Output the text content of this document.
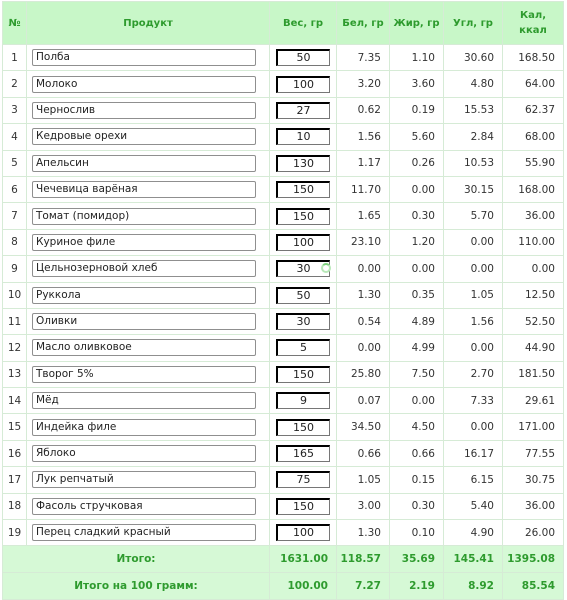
№	Продукт	Вес, гр	Бел, гр	Жир, гр	Угл, гр	Кал,
ккал
1	Полба	50	7.35	1.10	30.60	168.50
2	Молоко	100	3.20	3.60	4.80	64.00
3	Чернослив	27	0.62	0.19	15.53	62.37
4	Кедровые орехи	10	1.56	5.60	2.84	68.00
5	Апельсин	130	1.17	0.26	10.53	55.90
6	Чечевица варёная	150	11.70	0.00	30.15	168.00
7	Томат (помидор)	150	1.65	0.30	5.70	36.00
8	Куриное филе	100	23.10	1.20	0.00	110.00
9	Цельнозерновой хлеб	30	0.00	0.00	0.00	0.00
10	Руккола	50	1.30	0.35	1.05	12.50
11	Оливки	30	0.54	4.89	1.56	52.50
12	Масло оливковое	5	0.00	4.99	0.00	44.90
13	Творог 5%	150	25.80	7.50	2.70	181.50
14	Мёд	9	0.07	0.00	7.33	29.61
15	Индейка филе	150	34.50	4.50	0.00	171.00
16	Яблоко	165	0.66	0.66	16.17	77.55
17	Лук репчатый	75	1.05	0.15	6.15	30.75
18	Фасоль стручковая	150	3.00	0.30	5.40	36.00
19	Перец сладкий красный	100	1.30	0.10	4.90	26.00
Итого:		1631.00	118.57	35.69	145.41	1395.08
Итого на 100 грамм:		100.00	7.27	2.19	8.92	85.54
